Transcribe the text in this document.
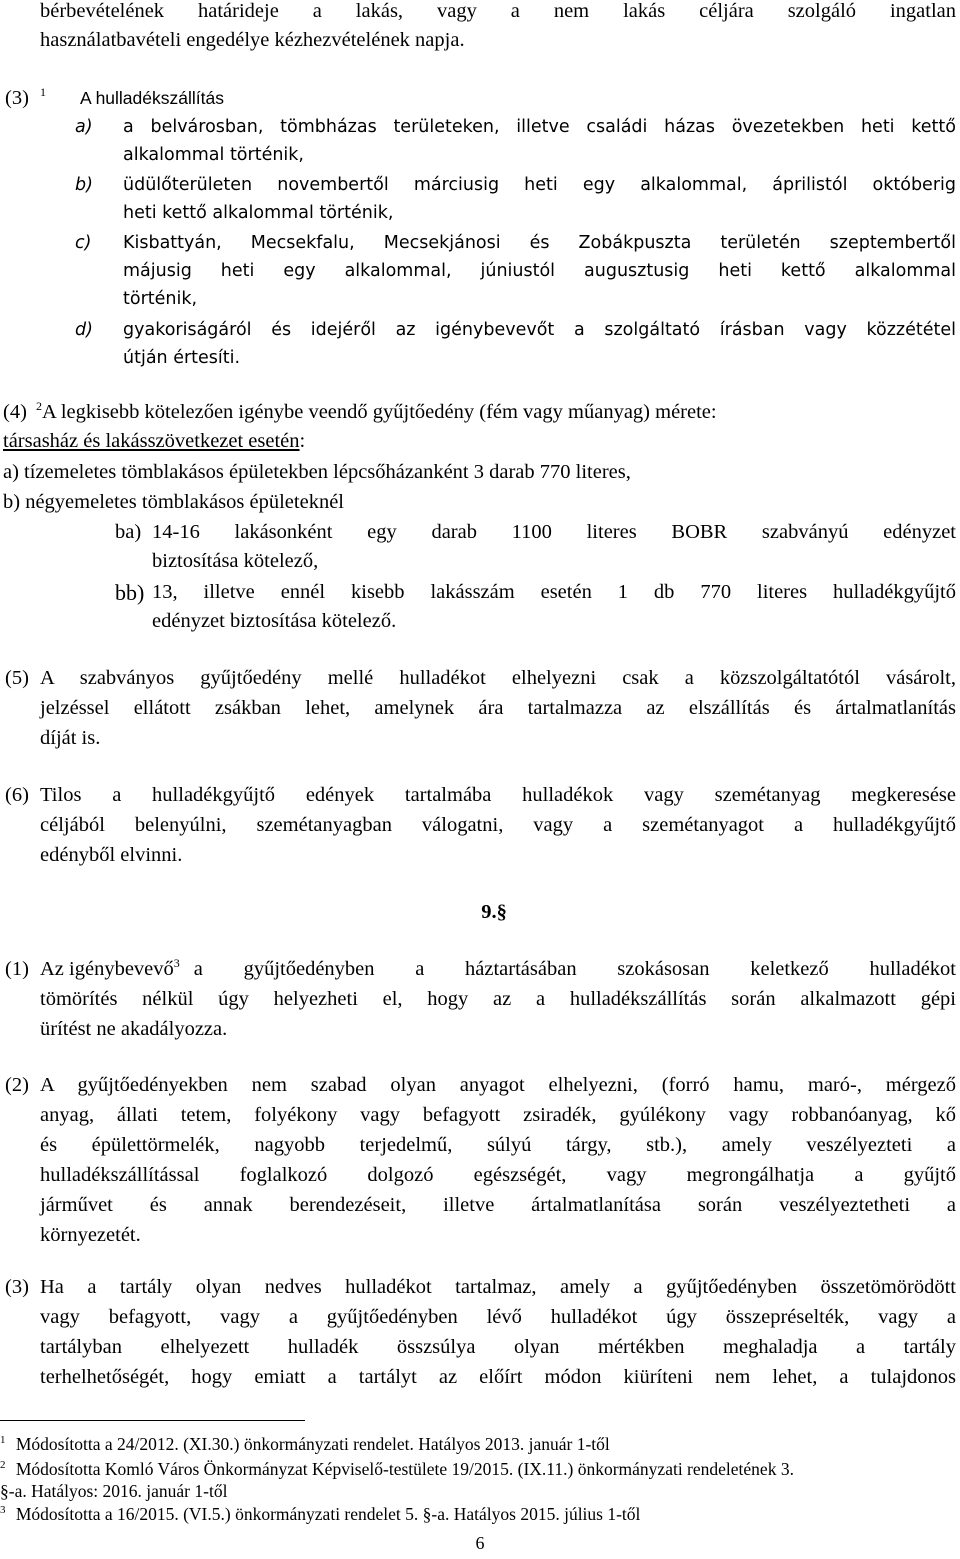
bérbevételének határideje a lakás, vagy a nem lakás céljára szolgáló ingatlan
használatbavételi engedélye kézhezvételének napja.
(3) $^1$ A hulladékszállítás
a) a belvárosban, tömbházas területeken, illetve családi házas övezetekben heti kettő
alkalommal történik,
b) üdülőterületen novembertől márciusig heti egy alkalommal, áprilistól októberig
heti kettő alkalommal történik,
c) Kisbattyán, Mecsekfalu, Mecsekjánosi és Zobákpuszta területén szeptembertől
májusig heti egy alkalommal, júniustól augusztusig heti kettő alkalommal
történik,
d) gyakoriságáról és idejéről az igénybevevőt a szolgáltató írásban vagy közzététel
útján értesíti.
(4) $^2$A legkisebb kötelezően igénybe veendő gyűjtőedény (fém vagy műanyag) mérete:
társasház és lakásszövetkezet esetén:
a) tízemeletes tömblakásos épületekben lépcsőházanként 3 darab 770 literes,
b) négyemeletes tömblakásos épületeknél
ba) 14-16 lakásonként egy darab 1100 literes BOBR szabványú edényzet
biztosítása kötelező,
bb) 13, illetve ennél kisebb lakásszám esetén 1 db 770 literes hulladékgyűjtő
edényzet biztosítása kötelező.
(5) A szabványos gyűjtőedény mellé hulladékot elhelyezni csak a közszolgáltatótól vásárolt,
jelzéssel ellátott zsákban lehet, amelynek ára tartalmazza az elszállítás és ártalmatlanítás
díját is.
(6) Tilos a hulladékgyűjtő edények tartalmába hulladékok vagy szemétanyag megkeresése
céljából belenyúlni, szemétanyagban válogatni, vagy a szemétanyagot a hulladékgyűjtő
edényből elvinni.
9.§
(1) Az igénybevevő$^3$ a gyűjtőedényben a háztartásában szokásosan keletkező hulladékot
tömörítés nélkül úgy helyezheti el, hogy az a hulladékszállítás során alkalmazott gépi
ürítést ne akadályozza.
(2) A gyűjtőedényekben nem szabad olyan anyagot elhelyezni, (forró hamu, maró-, mérgező
anyag, állati tetem, folyékony vagy befagyott zsiradék, gyúlékony vagy robbanóanyag, kő
és épülettörmelék, nagyobb terjedelmű, súlyú tárgy, stb.), amely veszélyezteti a
hulladékszállítással foglalkozó dolgozó egészségét, vagy megrongálhatja a gyűjtő
járművet és annak berendezéseit, illetve ártalmatlanítása során veszélyeztetheti a
környezetét.
(3) Ha a tartály olyan nedves hulladékot tartalmaz, amely a gyűjtőedényben összetömörödött
vagy befagyott, vagy a gyűjtőedényben lévő hulladékot úgy összepréselték, vagy a
tartályban elhelyezett hulladék összsúlya olyan mértékben meghaladja a tartály
terhelhetőségét, hogy emiatt a tartályt az előírt módon kiüríteni nem lehet, a tulajdonos
$^1$ Módosította a 24/2012. (XI.30.) önkormányzati rendelet. Hatályos 2013. január 1-től
$^2$ Módosította Komló Város Önkormányzat Képviselő-testülete 19/2015. (IX.11.) önkormányzati rendeletének 3.
§-a. Hatályos: 2016. január 1-től
$^3$ Módosította a 16/2015. (VI.5.) önkormányzati rendelet 5. §-a. Hatályos 2015. július 1-től
6
